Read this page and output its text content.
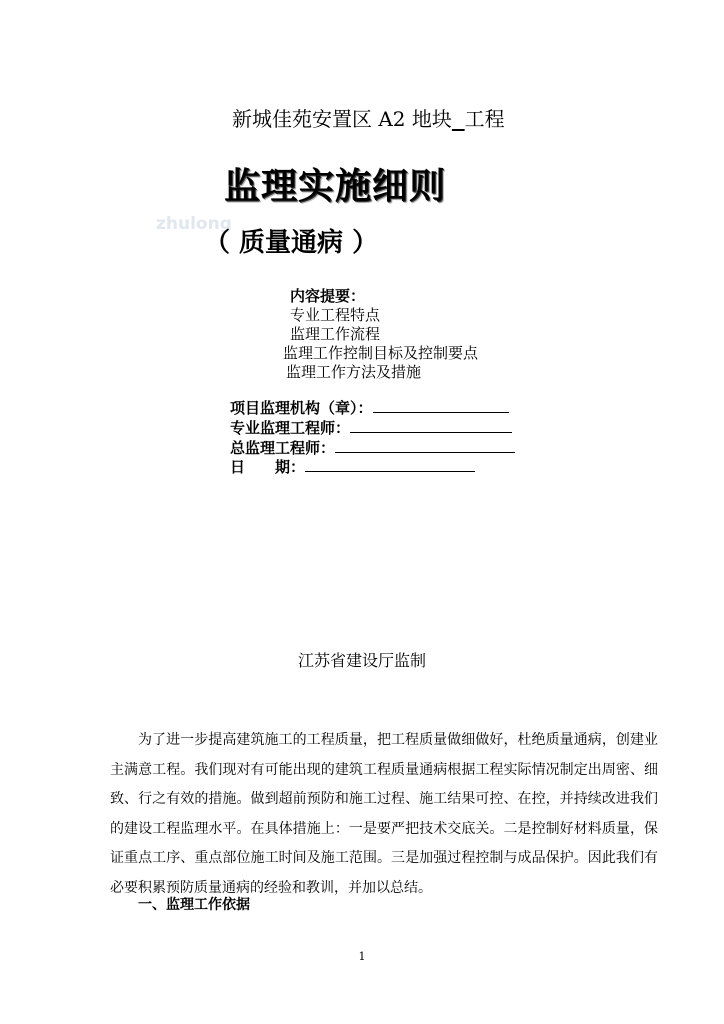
新城佳苑安置区 A2 地块 工程
监理实施细则
zhulong
（ 质量通病 ）
内容提要：
专业工程特点
监理工作流程
监理工作控制目标及控制要点
监理工作方法及措施
项目监理机构（章）：
专业监理工程师：
总监理工程师：
日　　期：
江苏省建设厅监制
为了进一步提高建筑施工的工程质量，把工程质量做细做好，杜绝质量通病，创建业主满意工程。我们现对有可能出现的建筑工程质量通病根据工程实际情况制定出周密、细致、行之有效的措施。做到超前预防和施工过程、施工结果可控、在控，并持续改进我们的建设工程监理水平。在具体措施上：一是要严把技术交底关。二是控制好材料质量，保证重点工序、重点部位施工时间及施工范围。三是加强过程控制与成品保护。因此我们有必要积累预防质量通病的经验和教训，并加以总结。
一、监理工作依据
1
